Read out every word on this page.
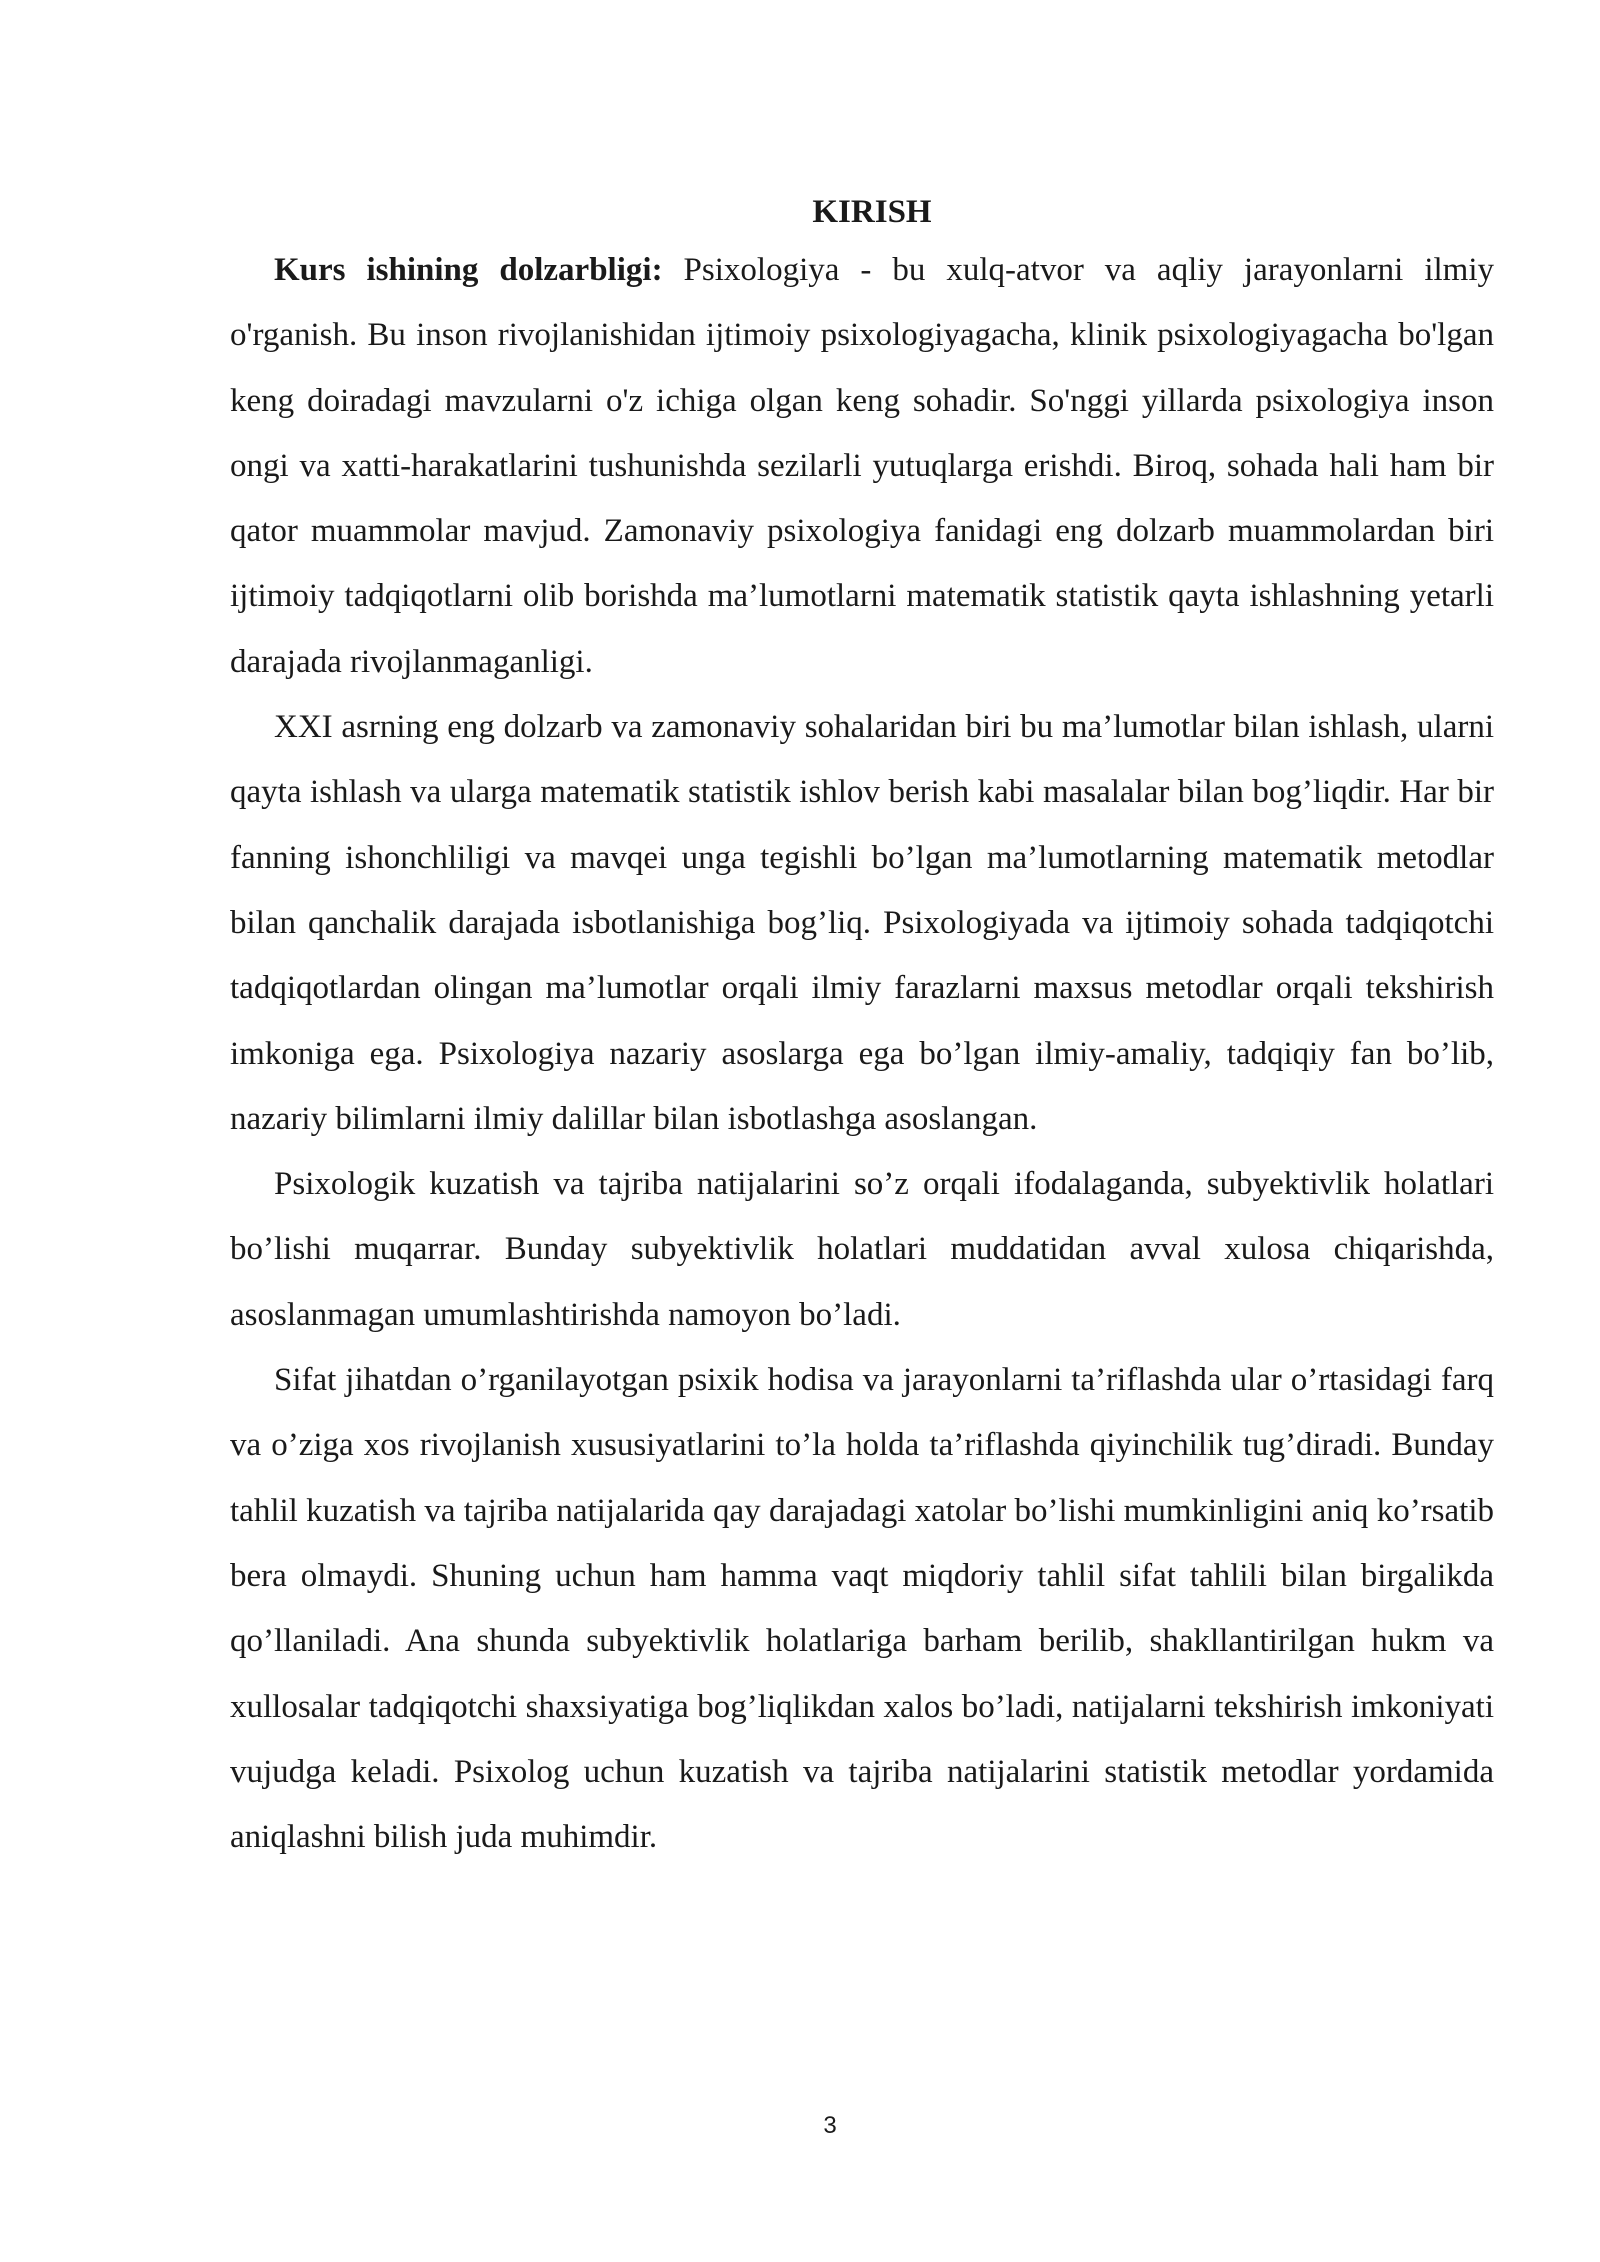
KIRISH

Kurs ishining dolzarbligi: Psixologiya - bu xulq-atvor va aqliy jarayonlarni ilmiy o'rganish. Bu inson rivojlanishidan ijtimoiy psixologiyagacha, klinik psixologiyagacha bo'lgan keng doiradagi mavzularni o'z ichiga olgan keng sohadir. So'nggi yillarda psixologiya inson ongi va xatti-harakatlarini tushunishda sezilarli yutuqlarga erishdi. Biroq, sohada hali ham bir qator muammolar mavjud. Zamonaviy psixologiya fanidagi eng dolzarb muammolardan biri ijtimoiy tadqiqotlarni olib borishda ma’lumotlarni matematik statistik qayta ishlashning yetarli darajada rivojlanmaganligi.

XXI asrning eng dolzarb va zamonaviy sohalaridan biri bu ma’lumotlar bilan ishlash, ularni qayta ishlash va ularga matematik statistik ishlov berish kabi masalalar bilan bog’liqdir. Har bir fanning ishonchliligi va mavqei unga tegishli bo’lgan ma’lumotlarning matematik metodlar bilan qanchalik darajada isbotlanishiga bog’liq. Psixologiyada va ijtimoiy sohada tadqiqotchi tadqiqotlardan olingan ma’lumotlar orqali ilmiy farazlarni maxsus metodlar orqali tekshirish imkoniga ega. Psixologiya nazariy asoslarga ega bo’lgan ilmiy-amaliy, tadqiqiy fan bo’lib, nazariy bilimlarni ilmiy dalillar bilan isbotlashga asoslangan.

Psixologik kuzatish va tajriba natijalarini so’z orqali ifodalaganda, subyektivlik holatlari bo’lishi muqarrar. Bunday subyektivlik holatlari muddatidan avval xulosa chiqarishda, asoslanmagan umumlashtirishda namoyon bo’ladi.

Sifat jihatdan o’rganilayotgan psixik hodisa va jarayonlarni ta’riflashda ular o’rtasidagi farq va o’ziga xos rivojlanish xususiyatlarini to’la holda ta’riflashda qiyinchilik tug’diradi. Bunday tahlil kuzatish va tajriba natijalarida qay darajadagi xatolar bo’lishi mumkinligini aniq ko’rsatib bera olmaydi. Shuning uchun ham hamma vaqt miqdoriy tahlil sifat tahlili bilan birgalikda qo’llaniladi. Ana shunda subyektivlik holatlariga barham berilib, shakllantirilgan hukm va xullosalar tadqiqotchi shaxsiyatiga bog’liqlikdan xalos bo’ladi, natijalarni tekshirish imkoniyati vujudga keladi. Psixolog uchun kuzatish va tajriba natijalarini statistik metodlar yordamida aniqlashni bilish juda muhimdir.

3
